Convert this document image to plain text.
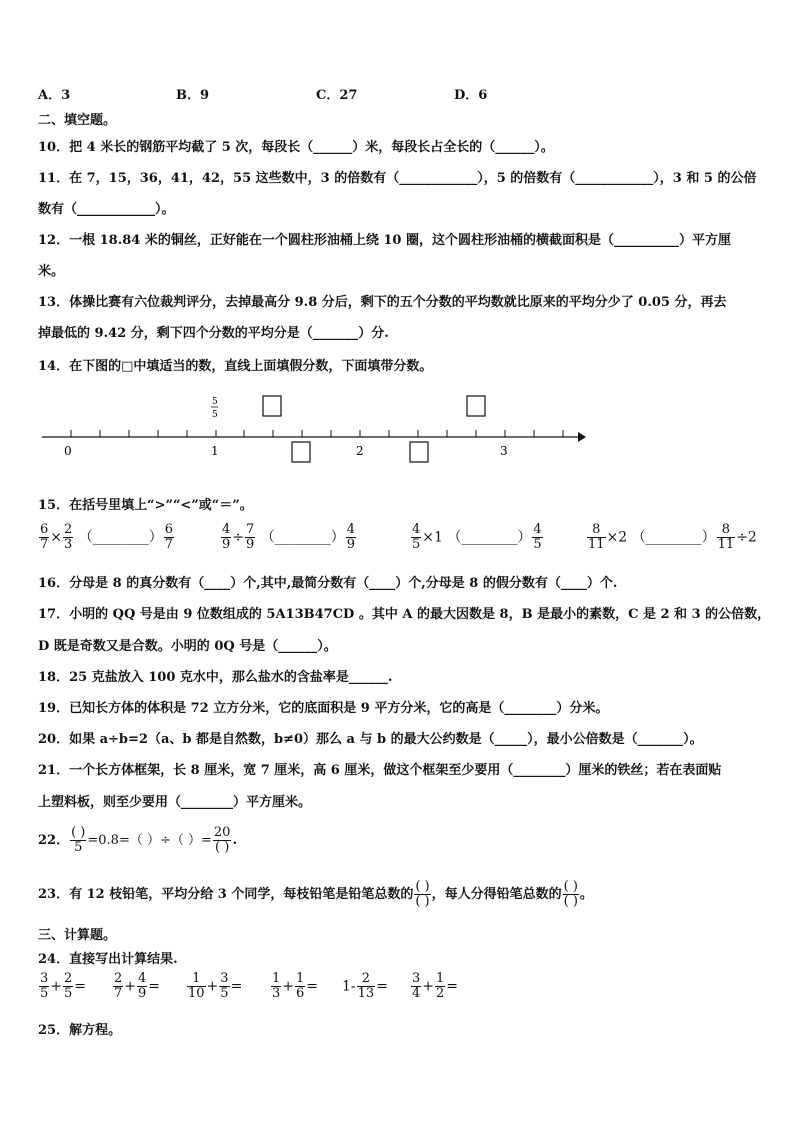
A．3	B．9	C．27	D．6
二、填空题。
10．把 4 米长的钢筋平均截了 5 次，每段长（______）米，每段长占全长的（______）。
11．在 7，15，36，41，42，55 这些数中，3 的倍数有（____________），5 的倍数有（____________），3 和 5 的公倍
数有（____________）。
12．一根 18.84 米的铜丝，正好能在一个圆柱形油桶上绕 10 圈，这个圆柱形油桶的横截面积是（__________）平方厘
米。
13．体操比赛有六位裁判评分，去掉最高分 9.8 分后，剩下的五个分数的平均数就比原来的平均分少了 0.05 分，再去
掉最低的 9.42 分，剩下四个分数的平均分是（_______）分.
14．在下图的□中填适当的数，直线上面填假分数，下面填带分数。
0	1	2	3
5
5
15．在括号里填上“>”“<”或“＝”。
$\frac{6}{7} \times \frac{2}{3}$ （________） $\frac{6}{7}$	$\frac{4}{9} \div \frac{7}{9}$ （________） $\frac{4}{9}$	$\frac{4}{5} \times 1$ （________） $\frac{4}{5}$	$\frac{8}{11} \times 2$ （________） $\frac{8}{11} \div 2$
16．分母是 8 的真分数有（____）个,其中,最简分数有（____）个,分母是 8 的假分数有（____）个.
17．小明的 QQ 号是由 9 位数组成的 5A13B47CD 。其中 A 的最大因数是 8，B 是最小的素数，C 是 2 和 3 的公倍数，
D 既是奇数又是合数。小明的 0Q 号是（______）。
18．25 克盐放入 100 克水中，那么盐水的含盐率是______.
19．已知长方体的体积是 72 立方分米，它的底面积是 9 平方分米，它的高是（________）分米。
20．如果 a÷b=2（a、b 都是自然数，b≠0）那么 a 与 b 的最大公约数是（_____），最小公倍数是（_______）。
21．一个长方体框架，长 8 厘米，宽 7 厘米，高 6 厘米，做这个框架至少要用（________）厘米的铁丝；若在表面贴
上塑料板，则至少要用（________）平方厘米。
22． $\frac{( )}{5} =0.8=$（ ）÷（ ）= $\frac{20}{( )}$ .
23．有 12 枝铅笔，平均分给 3 个同学，每枝铅笔是铅笔总数的 $\frac{( )}{( )}$ ，每人分得铅笔总数的 $\frac{( )}{( )}$ 。
三、计算题。
24．直接写出计算结果.
$\frac{3}{5} + \frac{2}{5} = \frac{2}{7} + \frac{4}{9} = \frac{1}{10} + \frac{3}{5} = \frac{1}{3} + \frac{1}{6} = 1- \frac{2}{13} = \frac{3}{4} + \frac{1}{2}$ =
25．解方程。
